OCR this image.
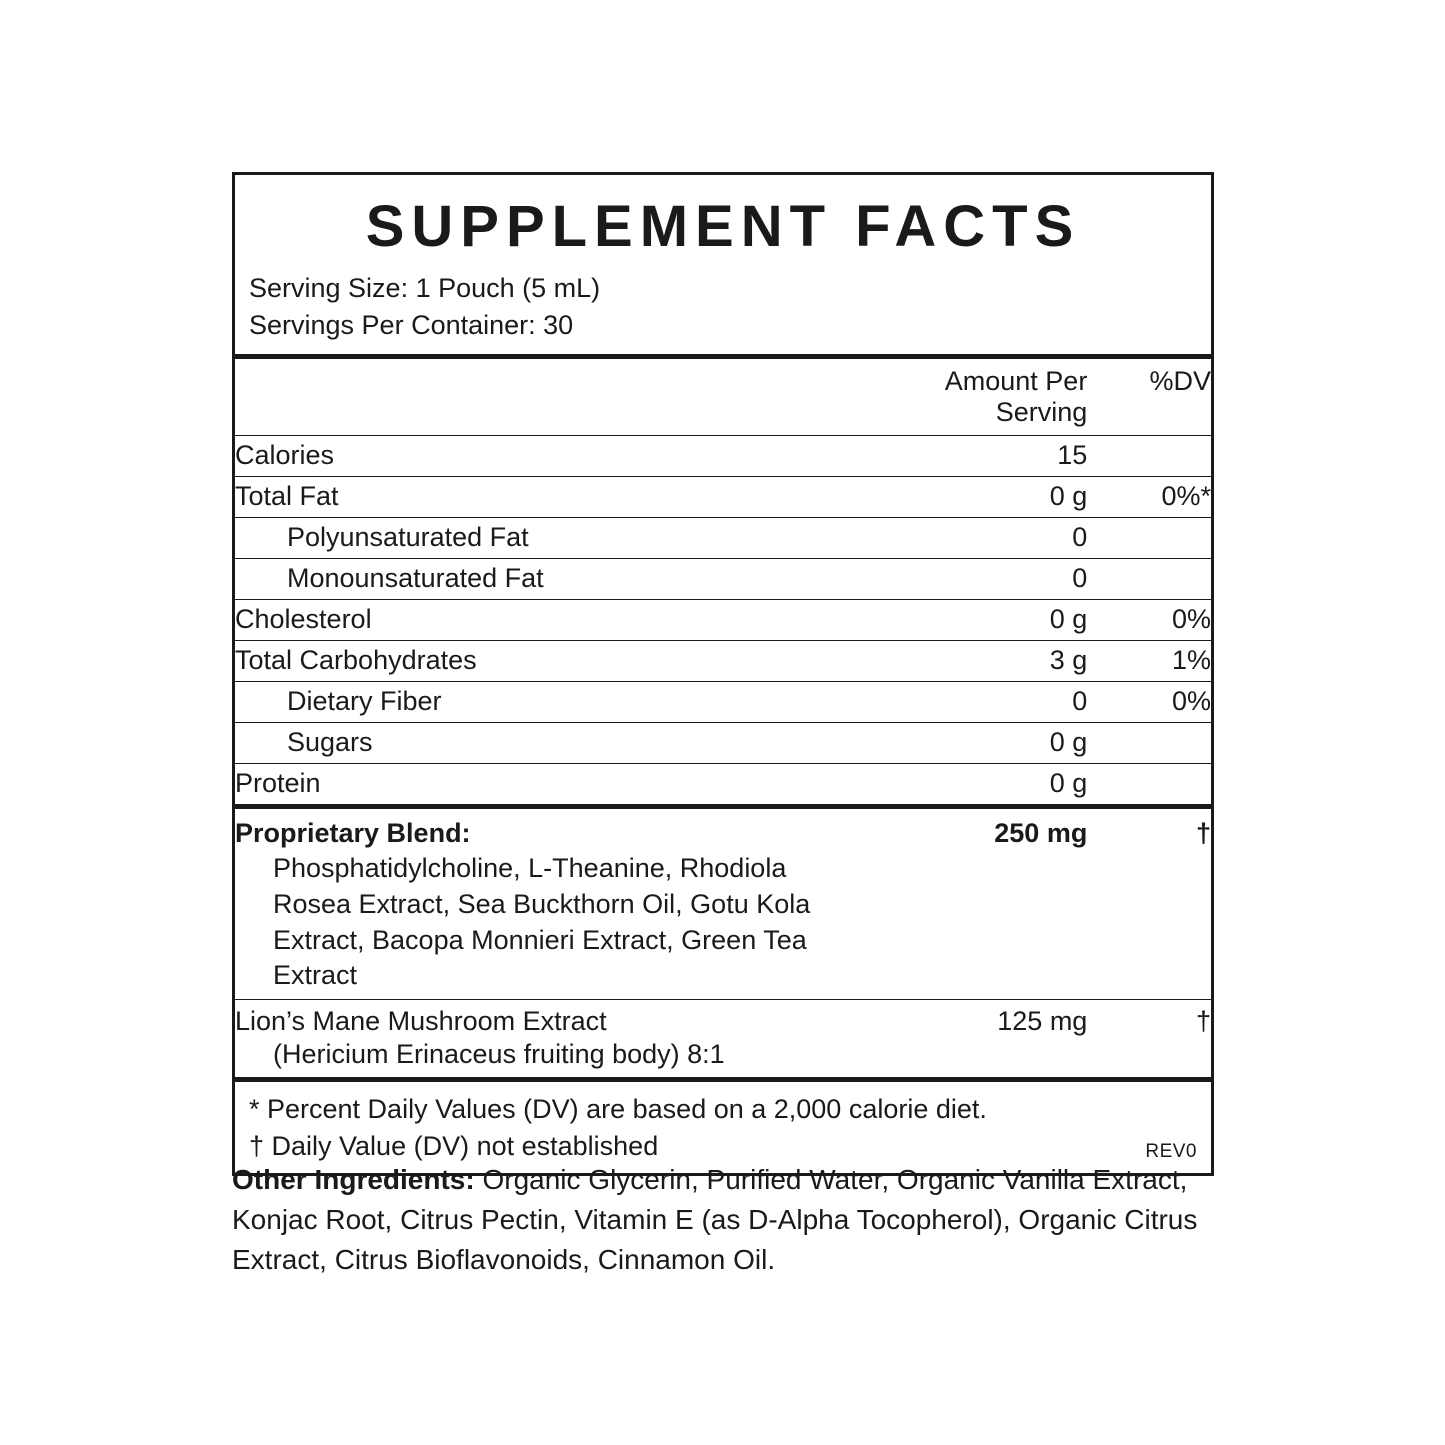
SUPPLEMENT FACTS
Serving Size: 1 Pouch (5 mL)
Servings Per Container: 30
	Amount Per Serving	%DV
Calories	15	
Total Fat	0 g	0%*
Polyunsaturated Fat	0	
Monounsaturated Fat	0	
Cholesterol	0 g	0%
Total Carbohydrates	3 g	1%
Dietary Fiber	0	0%
Sugars	0 g	
Protein	0 g	
Proprietary Blend:	250 mg	†

Phosphatidylcholine, L-Theanine, Rhodiola Rosea Extract, Sea Buckthorn Oil, Gotu Kola Extract, Bacopa Monnieri Extract, Green Tea Extract		

Lion’s Mane Mushroom Extract
(Hericium Erinaceus fruiting body) 8:1	125 mg	†
* Percent Daily Values (DV) are based on a 2,000 calorie diet.
† Daily Value (DV) not established	REV0
Other Ingredients: Organic Glycerin, Purified Water, Organic Vanilla Extract, Konjac Root, Citrus Pectin, Vitamin E (as D-Alpha Tocopherol), Organic Citrus Extract, Citrus Bioflavonoids, Cinnamon Oil.
